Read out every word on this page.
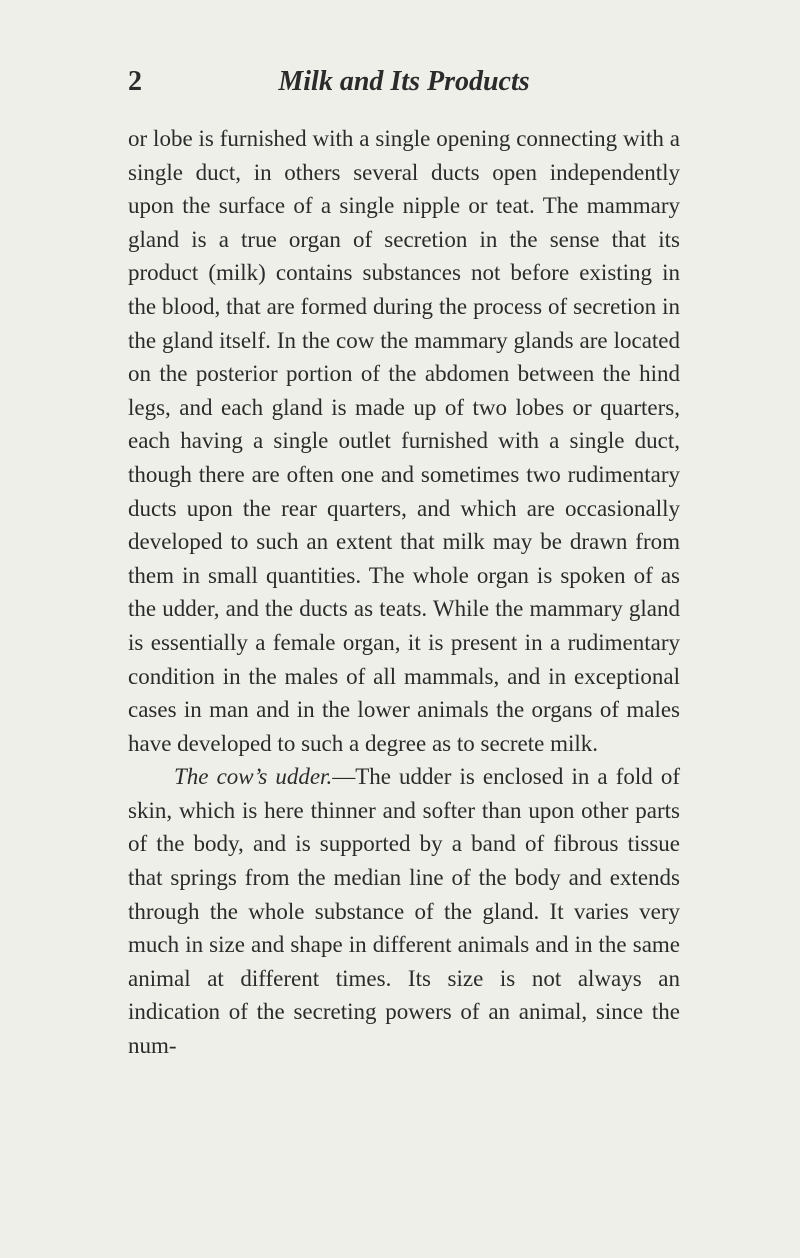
2	Milk and Its Products

or lobe is furnished with a single opening connecting with a single duct, in others several ducts open independently upon the surface of a single nipple or teat. The mammary gland is a true organ of secretion in the sense that its product (milk) contains substances not before existing in the blood, that are formed during the process of secretion in the gland itself. In the cow the mammary glands are located on the posterior portion of the abdomen between the hind legs, and each gland is made up of two lobes or quarters, each having a single outlet furnished with a single duct, though there are often one and sometimes two rudimentary ducts upon the rear quarters, and which are occasionally developed to such an extent that milk may be drawn from them in small quantities. The whole organ is spoken of as the udder, and the ducts as teats. While the mammary gland is essentially a female organ, it is present in a rudimentary condition in the males of all mammals, and in exceptional cases in man and in the lower animals the organs of males have developed to such a degree as to secrete milk.

The cow’s udder.—The udder is enclosed in a fold of skin, which is here thinner and softer than upon other parts of the body, and is supported by a band of fibrous tissue that springs from the median line of the body and extends through the whole substance of the gland. It varies very much in size and shape in different animals and in the same animal at different times. Its size is not always an indication of the secreting powers of an animal, since the num-
